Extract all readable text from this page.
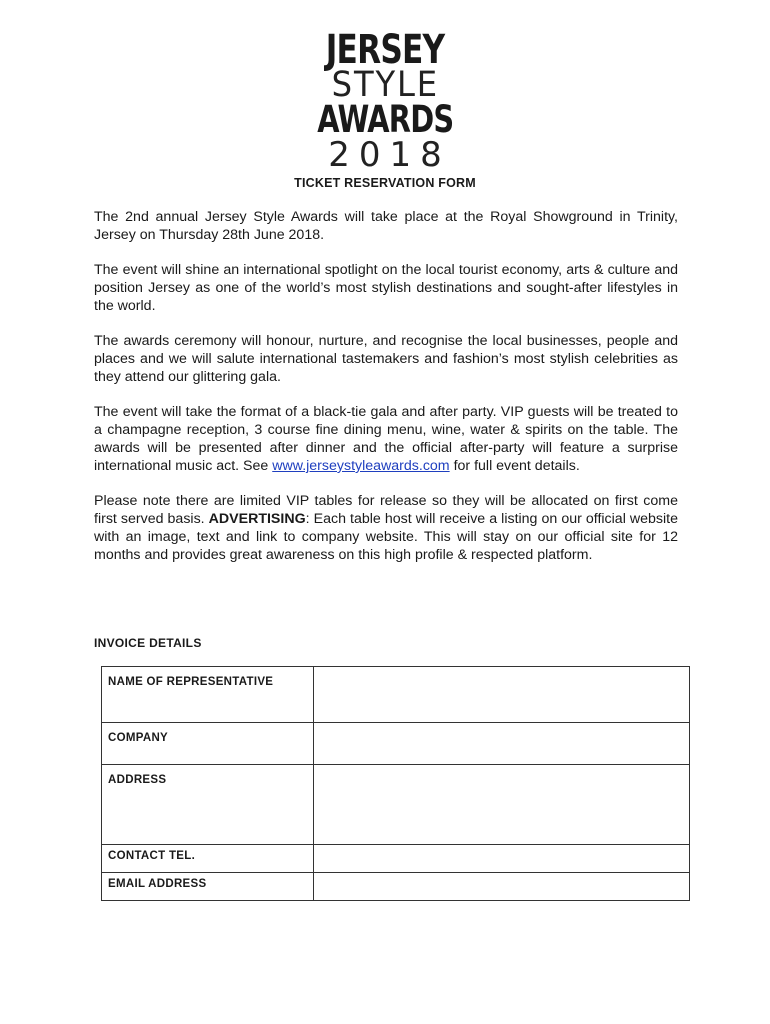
JERSEY
STYLE
AWARDS
2018
TICKET RESERVATION FORM

The 2nd annual Jersey Style Awards will take place at the Royal Showground in Trinity, Jersey on Thursday 28th June 2018.

The event will shine an international spotlight on the local tourist economy, arts & culture and position Jersey as one of the world’s most stylish destinations and sought-after lifestyles in the world.

The awards ceremony will honour, nurture, and recognise the local businesses, people and places and we will salute international tastemakers and fashion’s most stylish celebrities as they attend our glittering gala.

The event will take the format of a black-tie gala and after party. VIP guests will be treated to a champagne reception, 3 course fine dining menu, wine, water & spirits on the table. The awards will be presented after dinner and the official after-party will feature a surprise international music act. See www.jerseystyleawards.com for full event details.

Please note there are limited VIP tables for release so they will be allocated on first come first served basis. ADVERTISING: Each table host will receive a listing on our official website with an image, text and link to company website. This will stay on our official site for 12 months and provides great awareness on this high profile & respected platform.

INVOICE DETAILS
NAME OF REPRESENTATIVE	
COMPANY	
ADDRESS	
CONTACT TEL.	
EMAIL ADDRESS	
